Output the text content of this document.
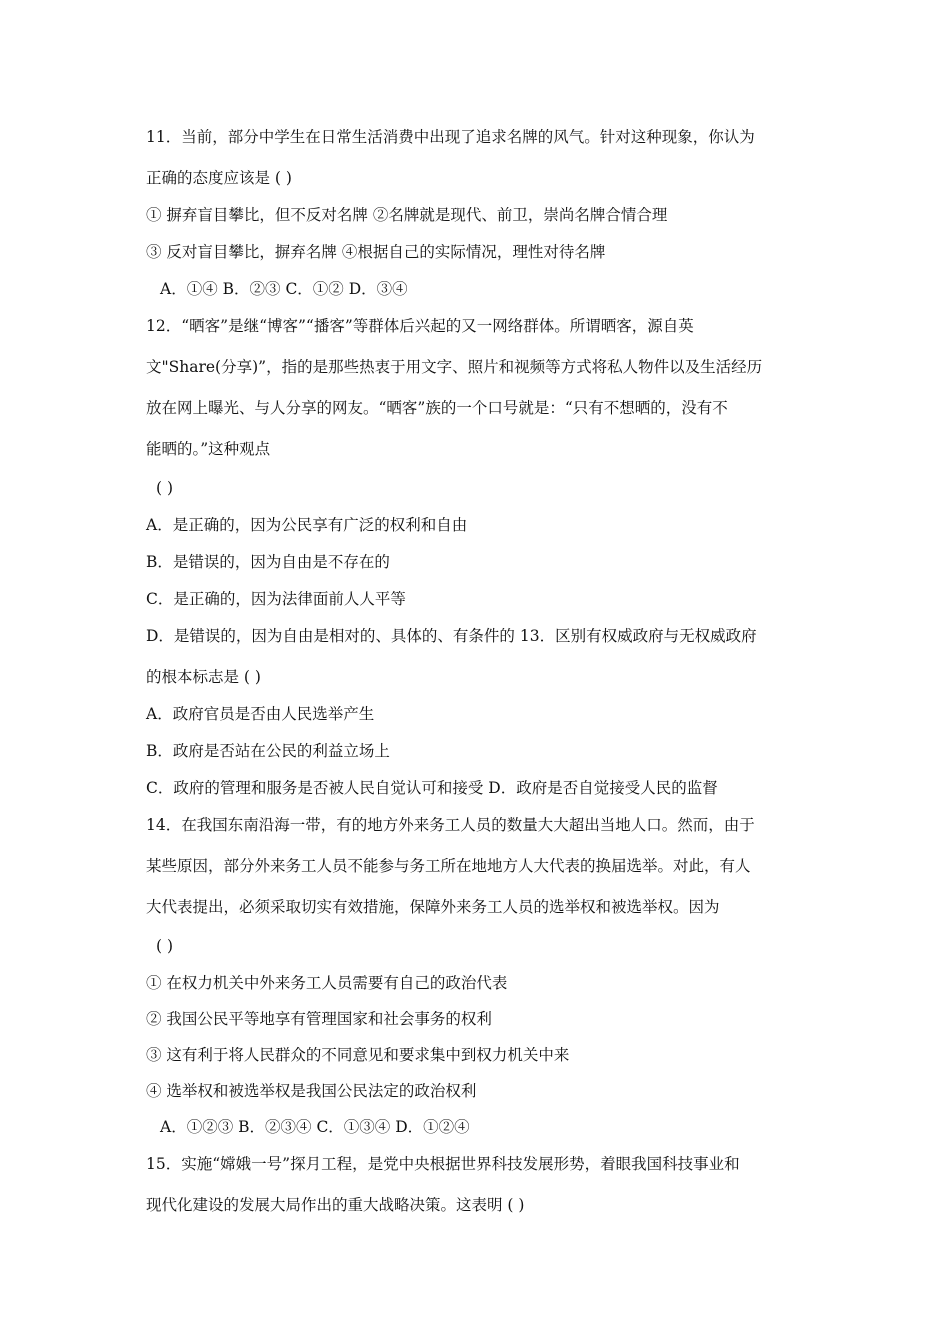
11．当前，部分中学生在日常生活消费中出现了追求名牌的风气。针对这种现象，你认为
正确的态度应该是 ( )
① 摒弃盲目攀比，但不反对名牌 ②名牌就是现代、前卫，崇尚名牌合情合理
③ 反对盲目攀比，摒弃名牌 ④根据自己的实际情况，理性对待名牌
A．①④ B．②③ C．①② D．③④
12．“晒客”是继“博客”“播客”等群体后兴起的又一网络群体。所谓晒客，源自英
文"Share(分享)”，指的是那些热衷于用文字、照片和视频等方式将私人物件以及生活经历
放在网上曝光、与人分享的网友。“晒客”族的一个口号就是：“只有不想晒的，没有不
能晒的。”这种观点
( )
A．是正确的，因为公民享有广泛的权利和自由
B．是错误的，因为自由是不存在的
C．是正确的，因为法律面前人人平等
D．是错误的，因为自由是相对的、具体的、有条件的 13．区别有权威政府与无权威政府
的根本标志是 ( )
A．政府官员是否由人民选举产生
B．政府是否站在公民的利益立场上
C．政府的管理和服务是否被人民自觉认可和接受 D．政府是否自觉接受人民的监督
14．在我国东南沿海一带，有的地方外来务工人员的数量大大超出当地人口。然而，由于
某些原因，部分外来务工人员不能参与务工所在地地方人大代表的换届选举。对此，有人
大代表提出，必须采取切实有效措施，保障外来务工人员的选举权和被选举权。因为
( )
① 在权力机关中外来务工人员需要有自己的政治代表
② 我国公民平等地享有管理国家和社会事务的权利
③ 这有利于将人民群众的不同意见和要求集中到权力机关中来
④ 选举权和被选举权是我国公民法定的政治权利
A．①②③ B．②③④ C．①③④ D．①②④
15．实施“嫦娥一号”探月工程，是党中央根据世界科技发展形势，着眼我国科技事业和
现代化建设的发展大局作出的重大战略决策。这表明 ( )
